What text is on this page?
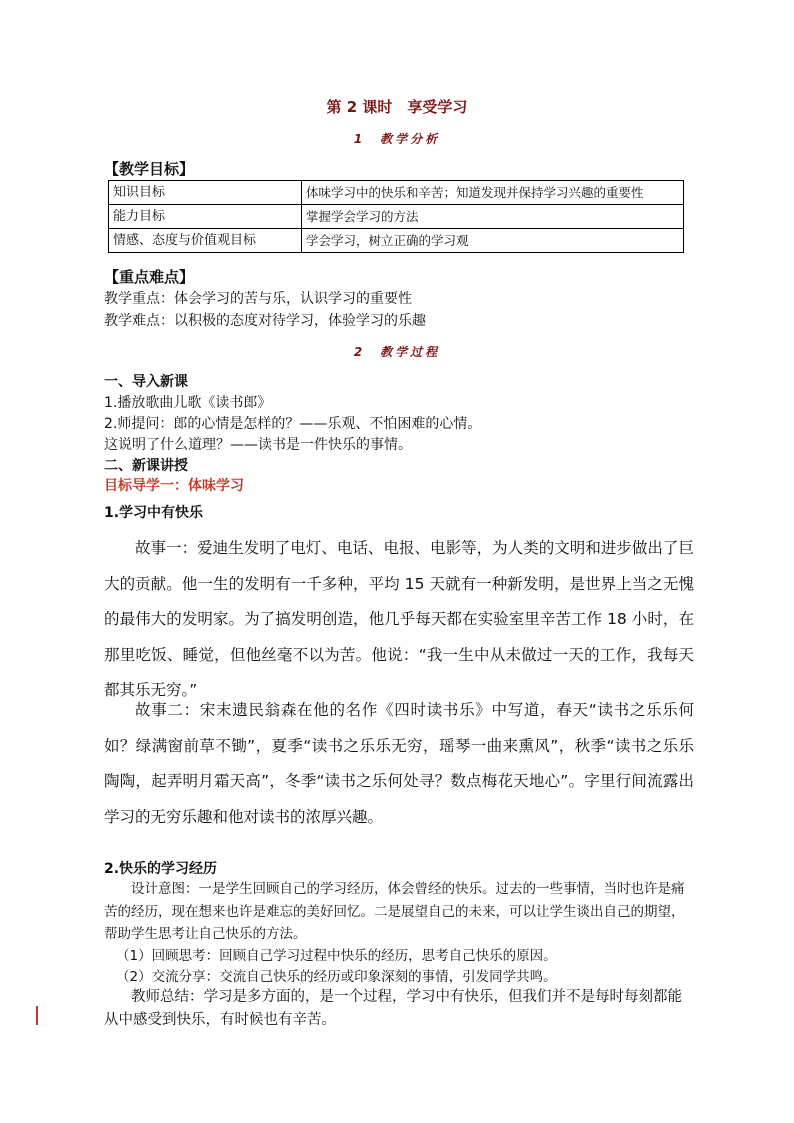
第 2 课时　享受学习
1　教学分析
【教学目标】
知识目标	体味学习中的快乐和辛苦；知道发现并保持学习兴趣的重要性
能力目标	掌握学会学习的方法
情感、态度与价值观目标	学会学习，树立正确的学习观
【重点难点】
教学重点：体会学习的苦与乐，认识学习的重要性
教学难点：以积极的态度对待学习，体验学习的乐趣
2　教学过程
一、导入新课
1.播放歌曲儿歌《读书郎》
2.师提问：郎的心情是怎样的？——乐观、不怕困难的心情。
这说明了什么道理？——读书是一件快乐的事情。
二、新课讲授
目标导学一：体味学习
1.学习中有快乐
故事一：爱迪生发明了电灯、电话、电报、电影等，为人类的文明和进步做出了巨大的贡献。他一生的发明有一千多种，平均 15 天就有一种新发明，是世界上当之无愧的最伟大的发明家。为了搞发明创造，他几乎每天都在实验室里辛苦工作 18 小时，在那里吃饭、睡觉，但他丝毫不以为苦。他说：“我一生中从未做过一天的工作，我每天都其乐无穷。”
故事二：宋末遗民翁森在他的名作《四时读书乐》中写道，春天“读书之乐乐何如？绿满窗前草不锄”，夏季“读书之乐乐无穷，瑶琴一曲来熏风”，秋季“读书之乐乐陶陶，起弄明月霜天高”，冬季“读书之乐何处寻？数点梅花天地心”。字里行间流露出学习的无穷乐趣和他对读书的浓厚兴趣。
2.快乐的学习经历
设计意图：一是学生回顾自己的学习经历，体会曾经的快乐。过去的一些事情，当时也许是痛苦的经历，现在想来也许是难忘的美好回忆。二是展望自己的未来，可以让学生谈出自己的期望，帮助学生思考让自己快乐的方法。
（1）回顾思考：回顾自己学习过程中快乐的经历，思考自己快乐的原因。
（2）交流分享：交流自己快乐的经历或印象深刻的事情，引发同学共鸣。
教师总结：学习是多方面的，是一个过程，学习中有快乐，但我们并不是每时每刻都能从中感受到快乐，有时候也有辛苦。
